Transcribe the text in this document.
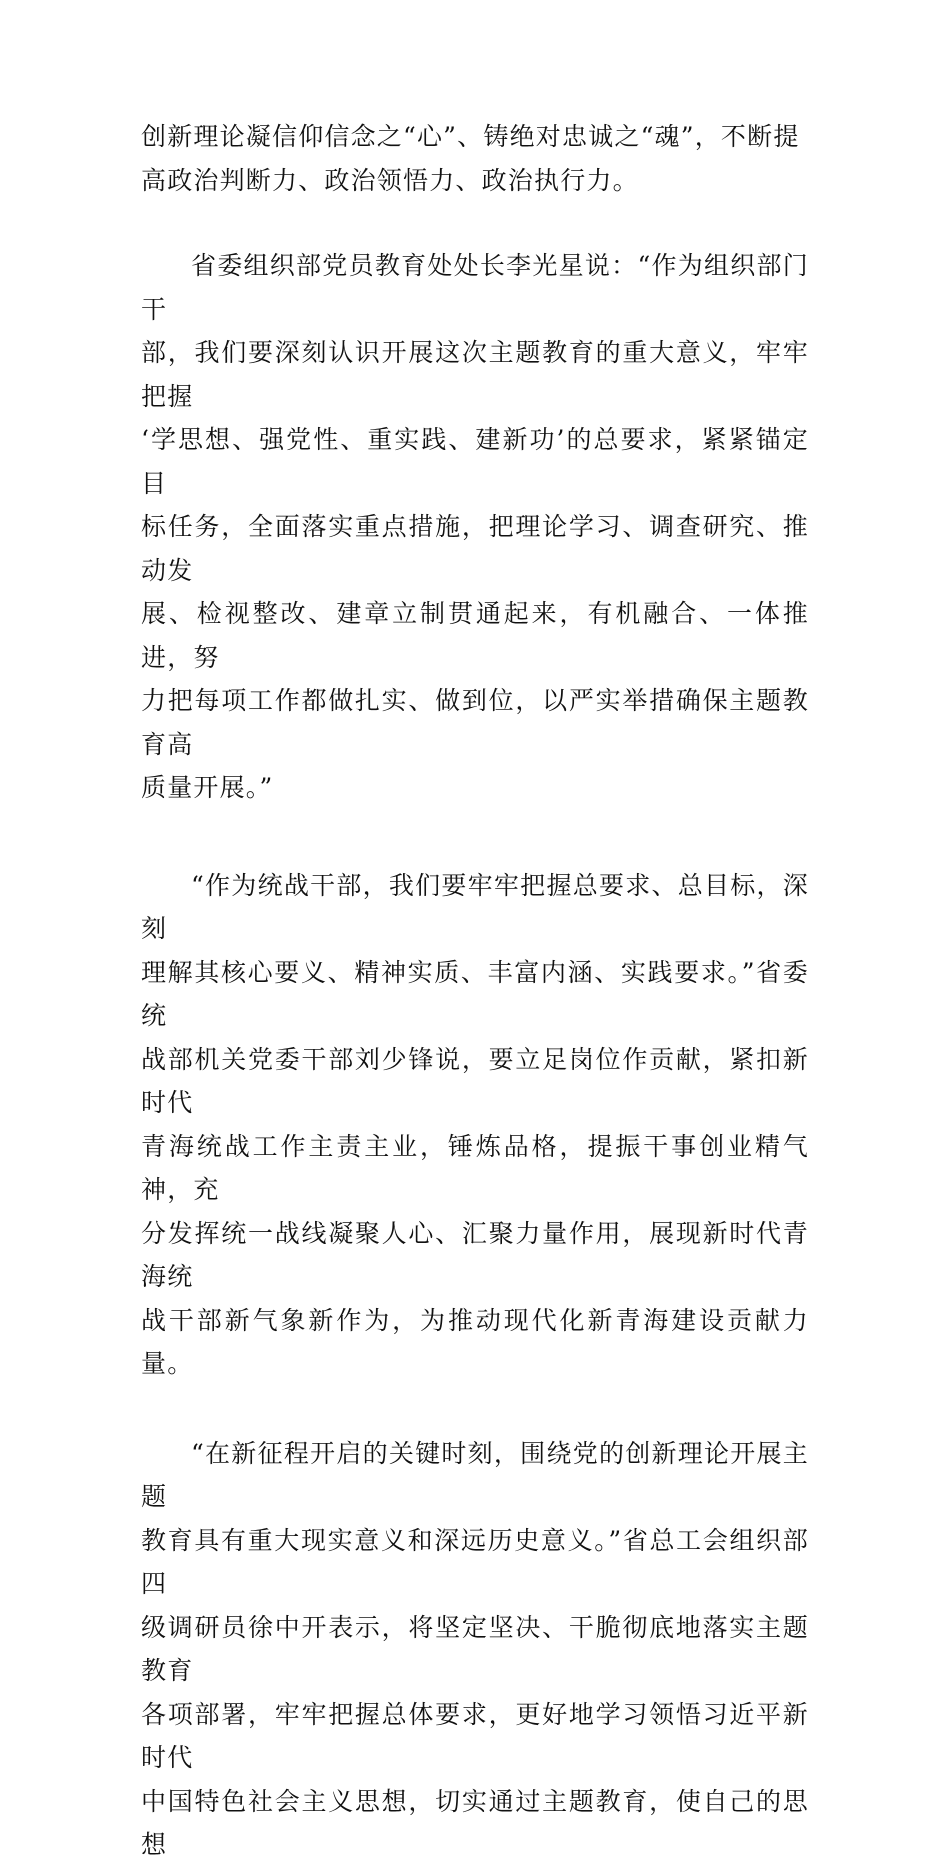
创新理论凝信仰信念之“心”、铸绝对忠诚之“魂”，不断提
高政治判断力、政治领悟力、政治执行力。

省委组织部党员教育处处长李光星说：“作为组织部门干
部，我们要深刻认识开展这次主题教育的重大意义，牢牢把握
‘学思想、强党性、重实践、建新功’的总要求，紧紧锚定目
标任务，全面落实重点措施，把理论学习、调查研究、推动发
展、检视整改、建章立制贯通起来，有机融合、一体推进，努
力把每项工作都做扎实、做到位，以严实举措确保主题教育高
质量开展。”

“作为统战干部，我们要牢牢把握总要求、总目标，深刻
理解其核心要义、精神实质、丰富内涵、实践要求。”省委统
战部机关党委干部刘少锋说，要立足岗位作贡献，紧扣新时代
青海统战工作主责主业，锤炼品格，提振干事创业精气神，充
分发挥统一战线凝聚人心、汇聚力量作用，展现新时代青海统
战干部新气象新作为，为推动现代化新青海建设贡献力量。

“在新征程开启的关键时刻，围绕党的创新理论开展主题
教育具有重大现实意义和深远历史意义。”省总工会组织部四
级调研员徐中开表示，将坚定坚决、干脆彻底地落实主题教育
各项部署，牢牢把握总体要求，更好地学习领悟习近平新时代
中国特色社会主义思想，切实通过主题教育，使自己的思想
